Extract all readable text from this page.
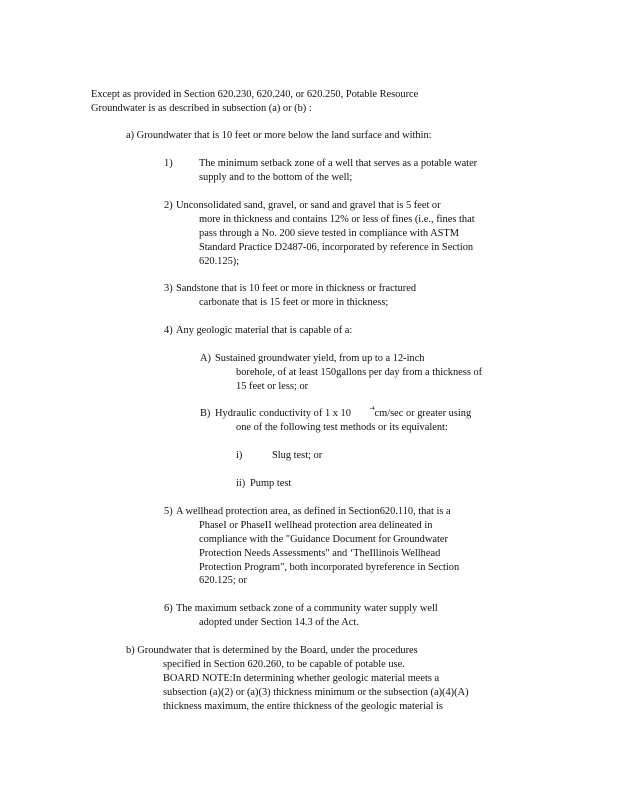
Except as provided in Section 620.230, 620.240, or 620.250, Potable Resource
Groundwater is as described in subsection (a) or (b) :
a) Groundwater that is 10 feet or more below the land surface and within:
1)	The minimum setback zone of a well that serves as a potable water
supply and to the bottom of the well;
2) Unconsolidated sand, gravel, or sand and gravel that is 5 feet or
more in thickness and contains 12% or less of fines (i.e., fines that
pass through a No. 200 sieve tested in compliance with ASTM
Standard Practice D2487-06, incorporated by reference in Section
620.125);
3) Sandstone that is 10 feet or more in thickness or fractured
carbonate that is 15 feet or more in thickness;
4) Any geologic material that is capable of a:
A) Sustained groundwater yield, from up to a 12-inch
borehole, of at least 150gallons per day from a thickness of
15 feet or less; or
B) Hydraulic conductivity of 1 x 10	$^{-4}$cm/sec or greater using
one of the following test methods or its equivalent:
i)	Slug test; or
ii) Pump test
5) A wellhead protection area, as defined in Section620.110, that is a
PhaseI or PhaseII wellhead protection area delineated in
compliance with the "Guidance Document for Groundwater
Protection Needs Assessments" and ‘TheIllinois Wellhead
Protection Program", both incorporated byreference in Section
620.125; or
6) The maximum setback zone of a community water supply well
adopted under Section 14.3 of the Act.
b) Groundwater that is determined by the Board, under the procedures
specified in Section 620.260, to be capable of potable use.
BOARD NOTE:In determining whether geologic material meets a
subsection (a)(2) or (a)(3) thickness minimum or the subsection (a)(4)(A)
thickness maximum, the entire thickness of the geologic material is
